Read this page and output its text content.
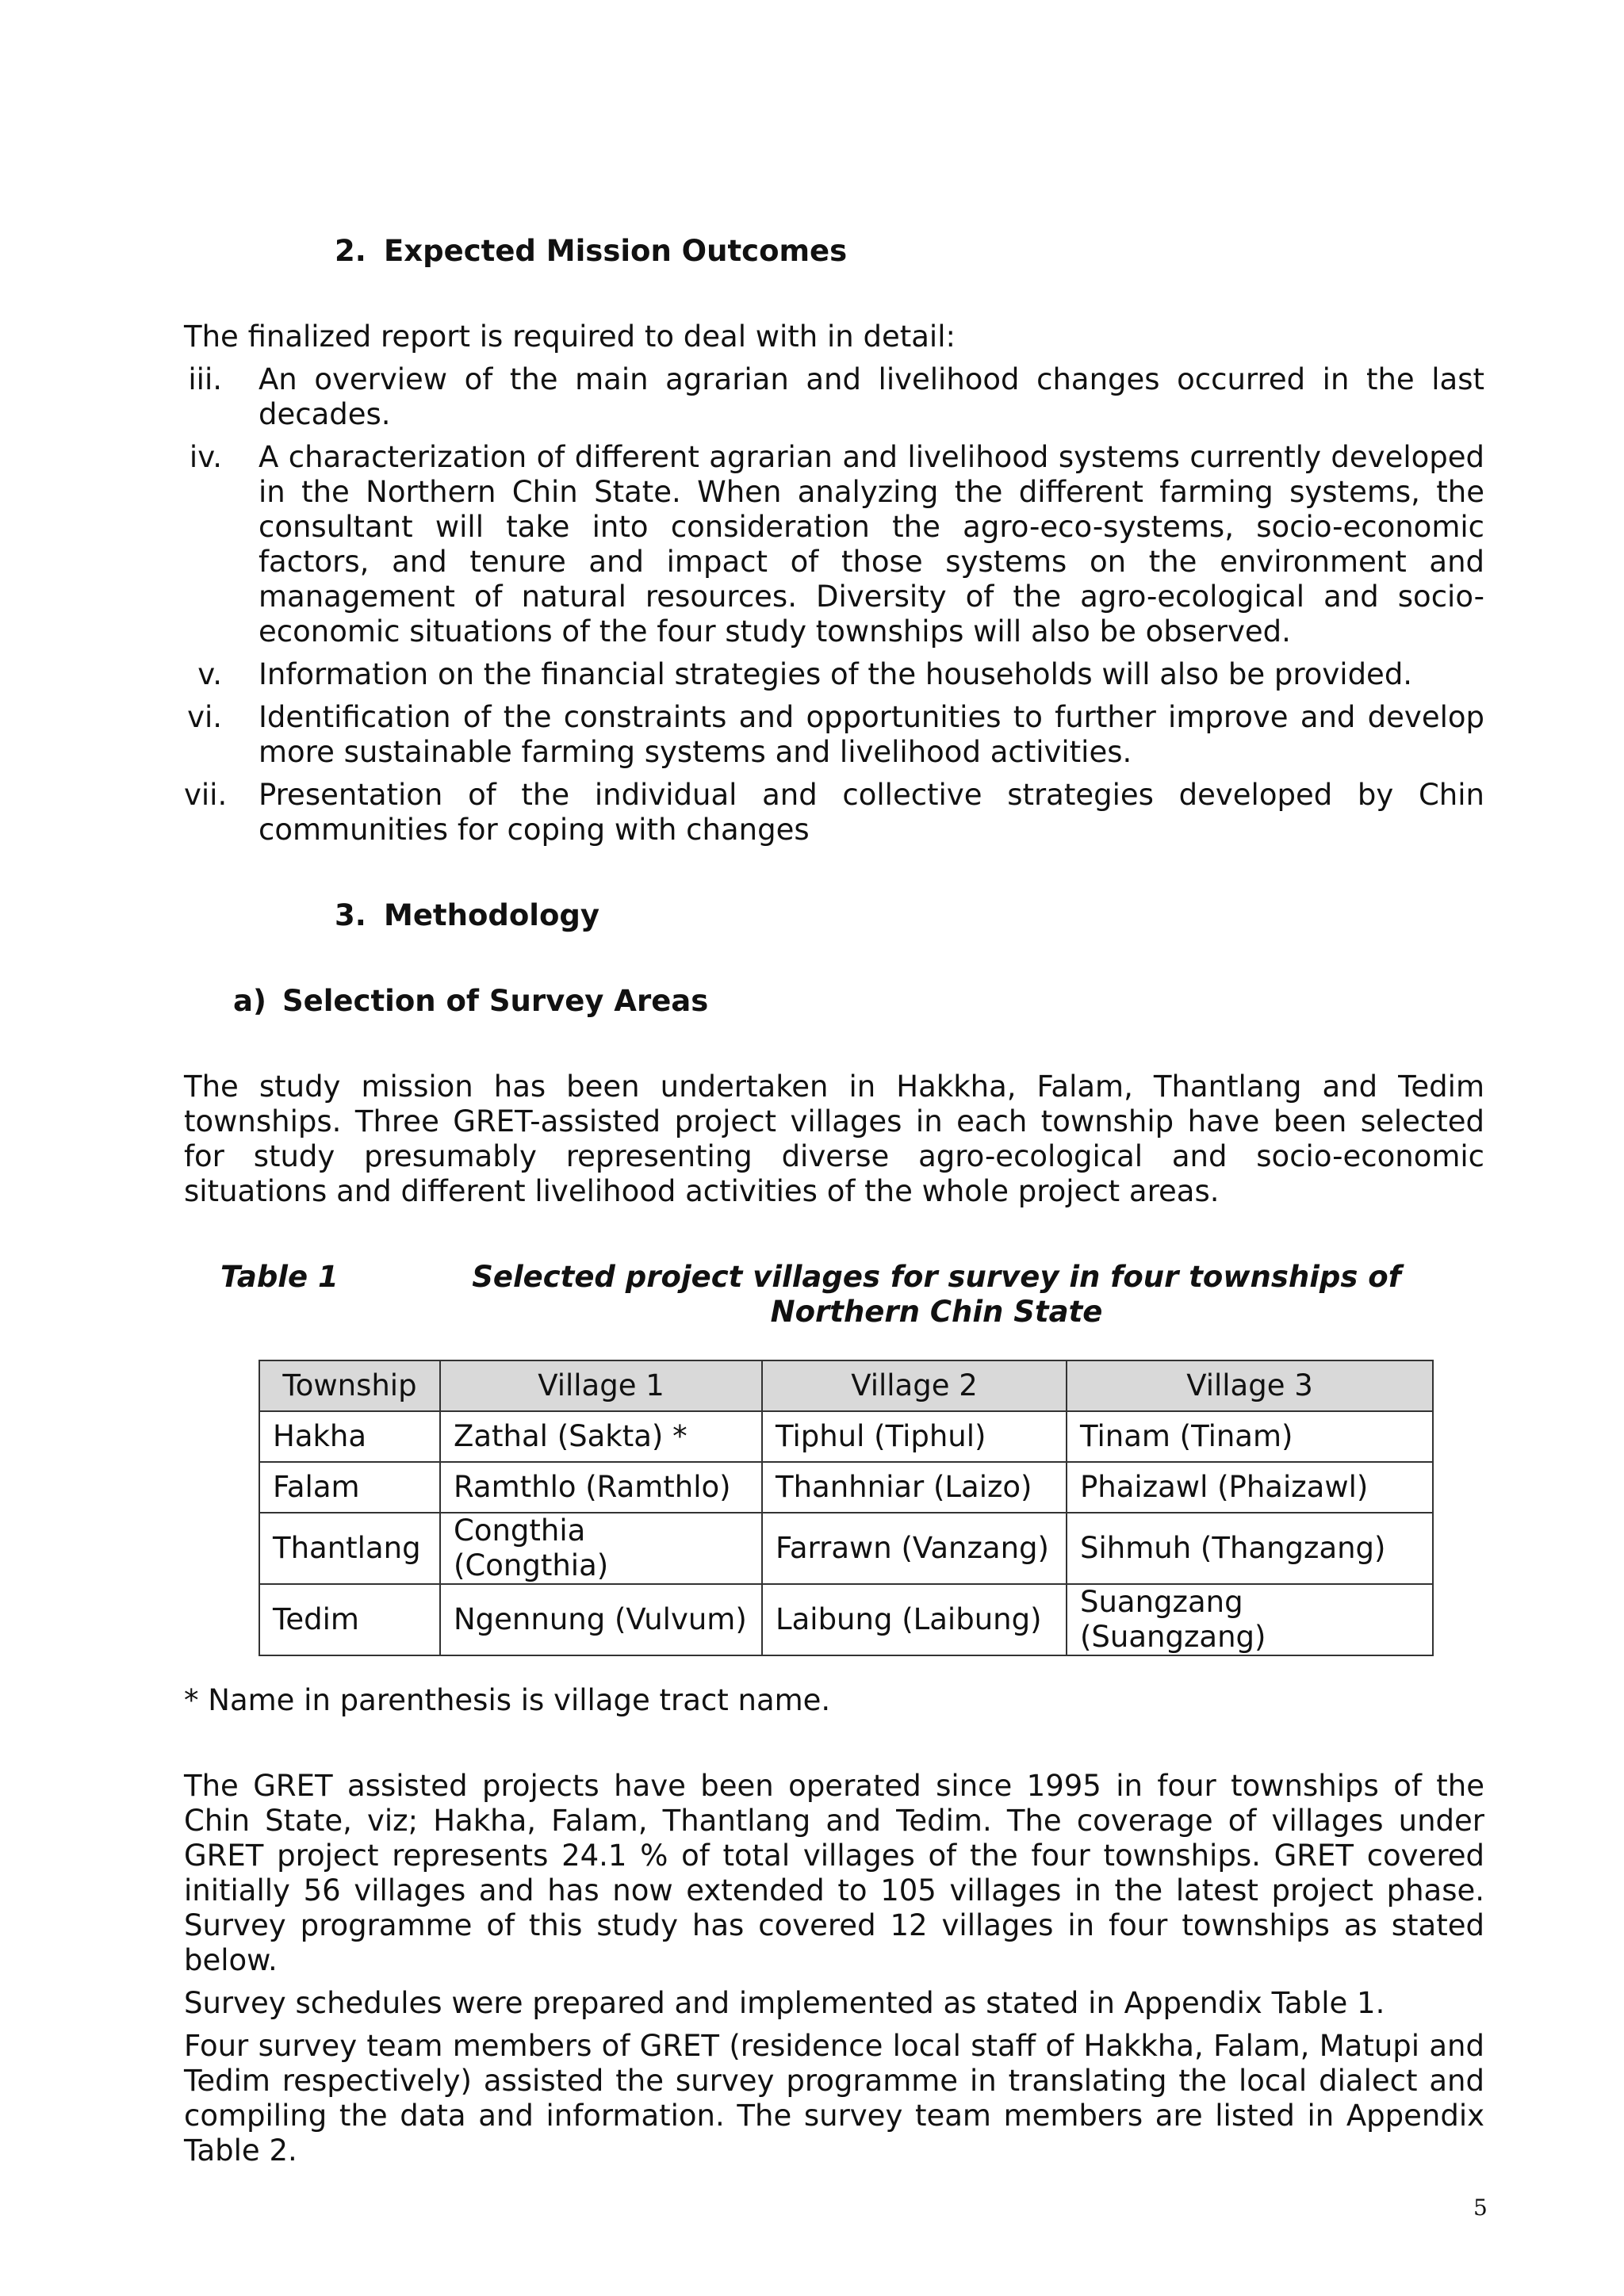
2. Expected Mission Outcomes

The finalized report is required to deal with in detail:

iii. An overview of the main agrarian and livelihood changes occurred in the last decades.
iv. A characterization of different agrarian and livelihood systems currently developed in the Northern Chin State. When analyzing the different farming systems, the consultant will take into consideration the agro-eco-systems, socio-economic factors, and tenure and impact of those systems on the environment and management of natural resources. Diversity of the agro-ecological and socio-economic situations of the four study townships will also be observed.
v. Information on the financial strategies of the households will also be provided.
vi. Identification of the constraints and opportunities to further improve and develop more sustainable farming systems and livelihood activities.
vii. Presentation of the individual and collective strategies developed by Chin communities for coping with changes
3. Methodology
a) Selection of Survey Areas

The study mission has been undertaken in Hakkha, Falam, Thantlang and Tedim townships. Three GRET-assisted project villages in each township have been selected for study presumably representing diverse agro-ecological and socio-economic situations and different livelihood activities of the whole project areas.

Table 1	Selected project villages for survey in four townships of Northern Chin State
Township	Village 1	Village 2	Village 3
Hakha	Zathal (Sakta) *	Tiphul (Tiphul)	Tinam (Tinam)
Falam	Ramthlo (Ramthlo)	Thanhniar (Laizo)	Phaizawl (Phaizawl)
Thantlang	Congthia (Congthia)	Farrawn (Vanzang)	Sihmuh (Thangzang)
Tedim	Ngennung (Vulvum)	Laibung (Laibung)	Suangzang (Suangzang)

* Name in parenthesis is village tract name.

The GRET assisted projects have been operated since 1995 in four townships of the Chin State, viz; Hakha, Falam, Thantlang and Tedim. The coverage of villages under GRET project represents 24.1 % of total villages of the four townships. GRET covered initially 56 villages and has now extended to 105 villages in the latest project phase. Survey programme of this study has covered 12 villages in four townships as stated below.

Survey schedules were prepared and implemented as stated in Appendix Table 1.

Four survey team members of GRET (residence local staff of Hakkha, Falam, Matupi and Tedim respectively) assisted the survey programme in translating the local dialect and compiling the data and information. The survey team members are listed in Appendix Table 2.

5
